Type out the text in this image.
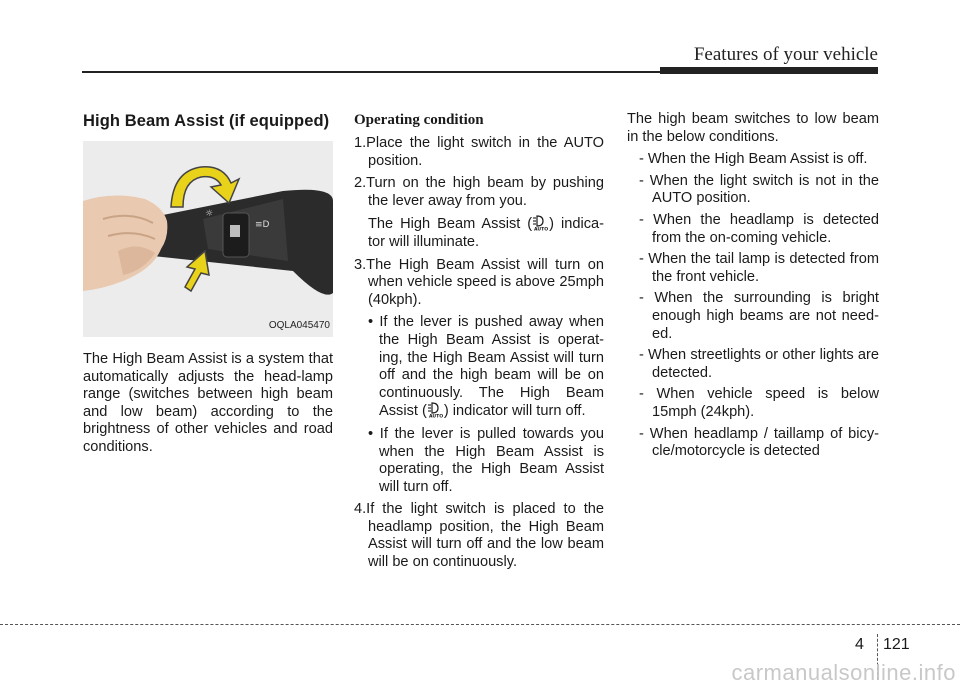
Features of your vehicle
High Beam Assist (if equipped)
☼
≡D
OQLA045470

The High Beam Assist is a system that automatically adjusts the head-lamp range (switches between high beam and low beam) according to the brightness of other vehicles and road conditions.

Operating condition
1.Place the light switch in the AUTO position.
2.Turn on the high beam by pushing the lever away from you.
The High Beam Assist ( AUTO ) indica-tor will illuminate.
3.The High Beam Assist will turn on when vehicle speed is above 25mph (40kph).
• If the lever is pushed away when the High Beam Assist is operat-ing, the High Beam Assist will turn off and the high beam will be on continuously. The High Beam Assist ( AUTO ) indicator will turn off.
• If the lever is pulled towards you when the High Beam Assist is operating, the High Beam Assist will turn off.
4.If the light switch is placed to the headlamp position, the High Beam Assist will turn off and the low beam will be on continuously.

The high beam switches to low beam in the below conditions.

- When the High Beam Assist is off.
- When the light switch is not in the AUTO position.
- When the headlamp is detected from the on-coming vehicle.
- When the tail lamp is detected from the front vehicle.
- When the surrounding is bright enough high beams are not need-ed.
- When streetlights or other lights are detected.
- When vehicle speed is below 15mph (24kph).
- When headlamp / taillamp of bicy-cle/motorcycle is detected
4 121
carmanualsonline.info
